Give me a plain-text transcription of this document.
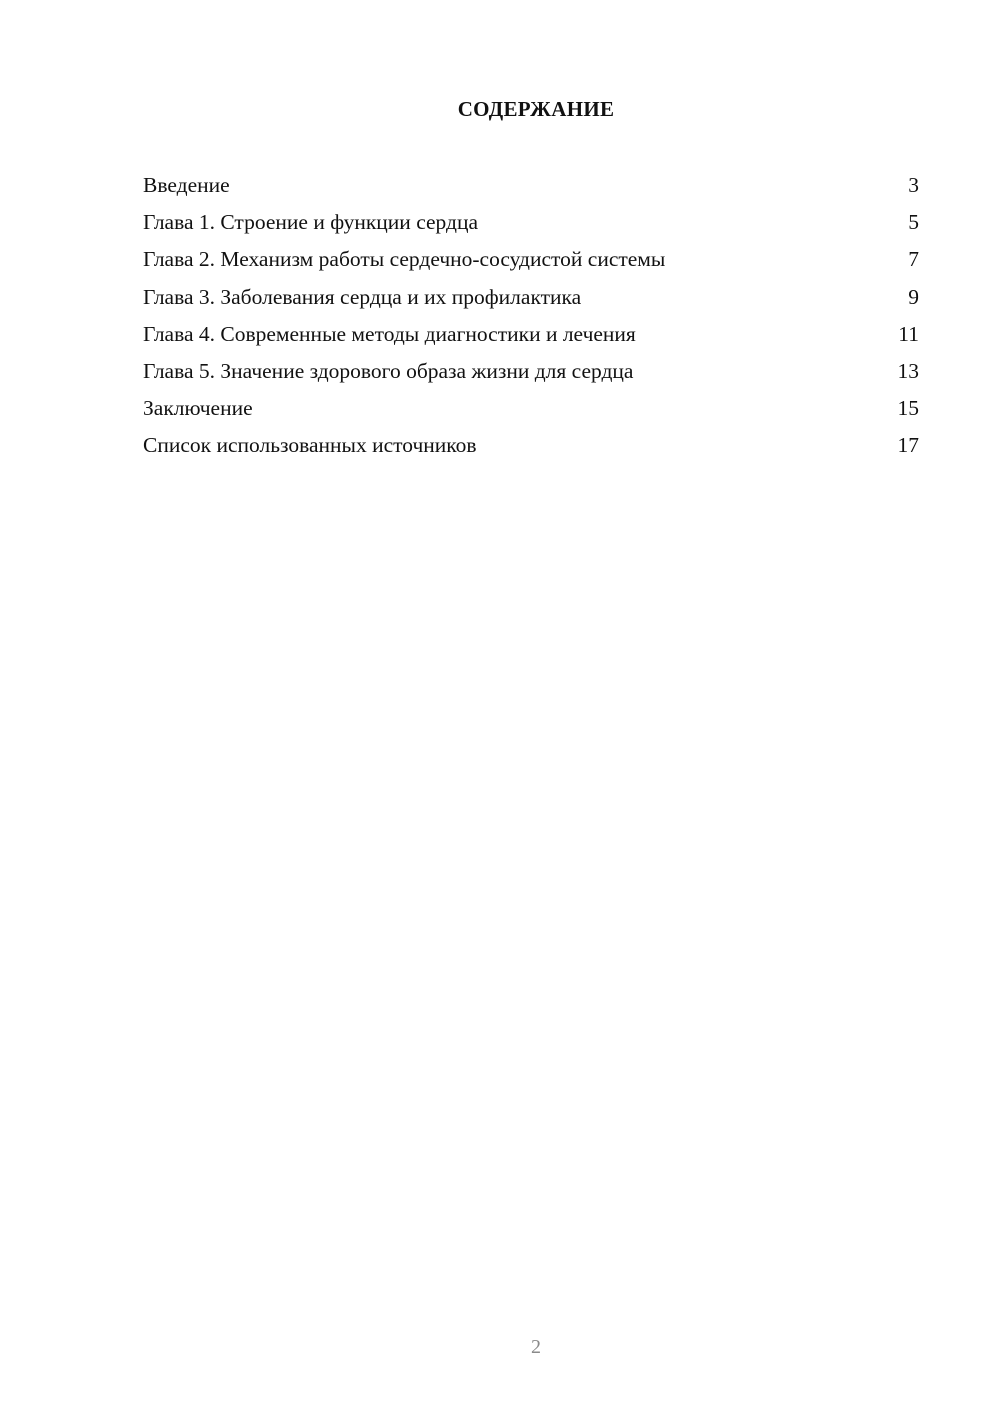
СОДЕРЖАНИЕ
Введение	3
Глава 1. Строение и функции сердца	5
Глава 2. Механизм работы сердечно-сосудистой системы	7
Глава 3. Заболевания сердца и их профилактика	9
Глава 4. Современные методы диагностики и лечения	11
Глава 5. Значение здорового образа жизни для сердца	13
Заключение	15
Список использованных источников	17
2
